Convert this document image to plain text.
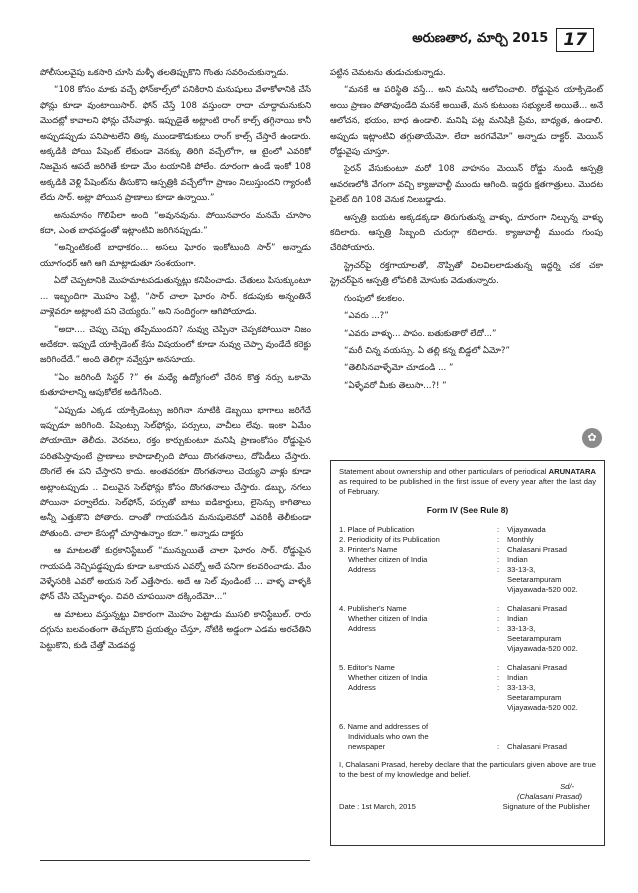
అరుణతార, మార్చి 2015 17

పోలీసులవైపు ఒకసారి చూసి మళ్ళీ తలతిప్పుకొని గొంతు సవరించుకున్నాడు.

“108 కోసం మాకు వచ్చే ఫోన్‌కాల్స్‌లో పనికిరాని మనుషులు వేళాకోళానికి చేసే ఫోన్లు కూడా వుంటాయిసార్‌. ఫోన్‌ చేస్తే 108 వస్తుందా రాదా చూద్దామనుకుని మొదట్లో కావాలని ఫోన్లు చేసేవాళ్లు. ఇప్పుడైతే అట్లాంటి రాంగ్‌ కాల్స్‌ తగ్గినాయి కానీ అప్పుడప్పుడు పనిపాటలేని తిక్క ముండాకొడుకులు రాంగ్‌ కాల్స్‌ చేస్తారే ఉండారు. అక్కడికి పోయి పేషెంట్‌ లేకుండా వెనక్కు తిరిగి వచ్చేలోగా, ఆ టైంలో ఎవరికో నిజమైన ఆపదే జరిగితే కూడా మేం టయానికి పోలేం. దూరంగా ఉండే ఇంకో 108 అక్కడికి వెళ్లి పేషెంట్‌ను తీసుకొని ఆస్పత్రికి వచ్చేలోగా ప్రాణం నిలుస్తుందని గ్యారంటీ లేదు సార్‌. అట్లా పోయిన ప్రాణాలు కూడా ఉన్నాయి.”

అనుమానం గొలిపేలా అంది “అవునవును. పోయినవారం మనమే చూసాం కదా, ఎంత బాధపడ్డంతో ఇట్లాంటివి జరిగినప్పుడు.”

“అన్నింటికంటే బాధాకరం... అసలు ఘోరం ఇంకోటుంది సార్‌” అన్నాడు యూగంధర్‌ ఆగి ఆగి మాట్లాడుతూ సంశయంగా.

ఏదో చెప్పటానికి మొహమాటపడుతున్నట్లు కనిపించాడు. చేతులు పిసుక్కుంటూ ... ఇబ్బందిగా మొహం పెట్టి, “సార్‌ చాలా ఘోరం సార్‌. కడుపుకు అన్నంతినే వాళ్లెవరూ అట్లాంటి పని చెయ్యరు.” అని సందిగ్ధంగా ఆగిపోయాడు.

“అదా.... చెప్పు చెప్పు తప్పేముందని? నువ్వు చెప్పినా చెప్పకపోయినా నిజం అదేకదా. ఇప్పుడే యాక్సిడెంట్‌ కేసు విషయంలో కూడా నువ్వు చెప్పా వుండేదే కరెక్టు జరిగిందేదే.” అంది తెలిగ్గా నవ్వేస్తూ అనసూయ.

“ఏం జరిగిందీ సిస్టర్‌ ?” ఈ మధ్యే ఉద్యోగంలో చేరిన కొత్త నర్సు ఒకామె కుతూహలాన్ని ఆపుకోలేక అడిగేసింది.

“ఎప్పుడు ఎక్కడ యాక్సిడెంట్సు జరిగినా నూటికి డెబ్బయి భాగాలు జరిగేదే ఇప్పుడూ జరిగింది. పేషెంట్సు సెల్‌ఫోన్లు, పర్సులు, వాచీలు లేవు. ఇంకా ఏమేం పోయాయో తెలీదు. వెరవలు, రక్తం కార్చుకుంటూ మనిషి ప్రాణంకోసం రోడ్డుపైన పరితపిస్తావుంటే ప్రాణాలు కాపాడాల్సింది పోయి దొంగతనాలు, దోపిడీలు చేస్తారు. దొంగలే ఈ పని చేస్తారని కాదు. అంతవరకూ దొంగతనాలు చెయ్యని వాళ్లు కూడా అట్లాంటప్పుడు .. విలువైన సెల్‌ఫోన్లు కోసం దొంగతనాలు చేస్తారు. డబ్బు, నగలు పోయినా పర్వాలేదు. సెల్‌ఫోన్‌, పర్సుతో బాటు ఐడికార్డులు, లైసెన్సు కాగితాలు అన్నీ ఎత్తుకొని పోతారు. దాంతో గాయపడిన మనుషులెవరో ఎవరికీ తెలీకుండా పోతుంది. చాలా కేసుల్లో చూస్తాఉన్నాం కదా.” అన్నాడు దాక్టరు

ఆ మాటలతో కుర్రకానిస్టేబుల్‌ “మున్నుయితే చాలా ఘోరం సార్‌. రోడ్డుపైన గాయపడి నెచ్చిపడ్డప్పుడు కూడా ఒకాయన ఎవర్నో అదే పనిగా కలవరించాడు. మేం వెళ్ళేసరికి ఎవరో అయన సెల్‌ ఎత్తేసారు. అదే ఆ సెల్‌ వుండింటే ... వాళ్ళ వాళ్ళకి ఫోన్‌ చేసి చెప్పేవాళ్ళం. చివరి చూపయినా దక్కిందేమో...”

ఆ మాటలు వస్తున్నట్టు వికారంగా మొహం పెట్టాడు ముసలి కానిస్టేబుల్‌. రారు దగ్గును బలవంతంగా తెచ్చుకొని ప్రయత్నం చేస్తూ, నోటికి అడ్డంగా ఎడమ అరచేతిని పెట్టుకొని, కుడి చేత్తో మెడవద్ద

పట్టిన చెమటను తుడుచుకున్నాడు.

“మనకే ఆ పరిస్థితి వస్తే... అని మనిషి ఆలోచించాలి. రోడ్డుపైన యాక్సిడెంట్‌ అయి ప్రాణం పోతావుండేది మనకే అయితే, మన కుటుంబ సభ్యులకే అయితే... అనే ఆలోచన, భయం, బాధ ఉండాలి. మనిషి పట్ల మనిషికి ప్రేమ, బాధ్యత, ఉండాలి. అప్పుడు ఇట్లాంటివి తగ్గుతాయేమో. లేదా జరగవేమో” అన్నాడు దాక్టర్‌. మెయిన్‌ రోడ్డువైపు చూస్తూ.

సైరన్‌ వేసుకుంటూ మరో 108 వాహనం మెయిన్‌ రోడ్డు నుండి ఆస్పత్రి ఆవరణలోకి వేగంగా వచ్చి క్యాజువాల్టీ ముందు ఆగింది. ఇద్దరు క్షతగాత్రులు. మొదట పైలెట్‌ దిగి 108 వెనుక నిలబడ్డాడు.

ఆస్పత్రి బయట అక్కడక్కడా తిరుగుతున్న వాళ్ళు, దూరంగా నిల్చున్న వాళ్ళు కదిలారు. ఆస్పత్రి సిబ్బంది చురుగ్గా కదిలారు. క్యాజువాల్టీ ముందు గుంపు చేరిపోయారు.

స్ట్రెచర్‌పై రక్తగాయాలతో, నొప్పితో విలవిలలాడుతున్న ఇద్దర్ని చక చకా స్ట్రెచర్‌పైన ఆస్పత్రి లోపలికి మోసుకు వెడుతున్నారు.

గుంపులో కలకలం.

“ఎవరు ...?”

“ఎవరు వాళ్ళు... పాపం. బతుకుతారో లేదో...”

“మరీ చిన్న వయస్సు. ఏ తల్లి కన్న బిడ్డలో ఏమో?”

“తెలిసినవాళ్ళేమో చూడండి ... ”

“ఏళ్ళేవరో మీకు తెలుసా...?! ”

✿

Statement about ownership and other particulars of periodical ARUNATARA as required to be published in the first issue of every year after the last day of February.

Form IV (See Rule 8)
1. Place of Publication	:	Vijayawada
2. Periodicity of its Publication	:	Monthly
3. Printer's Name	:	Chalasani Prasad
Whether citizen of India	:	Indian
Address	:	33-13-3,
Seetarampuram
Vijayawada-520 002.
4. Publisher's Name	:	Chalasani Prasad
Whether citizen of India	:	Indian
Address	:	33-13-3,
Seetarampuram
Vijayawada-520 002.
5. Editor's Name	:	Chalasani Prasad
Whether citizen of India	:	Indian
Address	:	33-13-3,
Seetarampuram
Vijayawada-520 002.
6. Name and addresses of
Individuals who own the
newspaper	:	Chalasani Prasad

I, Chalasani Prasad, hereby declare that the particulars given above are true to the best of my knowledge and belief.

Sd/-
(Chalasani Prasad)
Date : 1st March, 2015	Signature of the Publisher
